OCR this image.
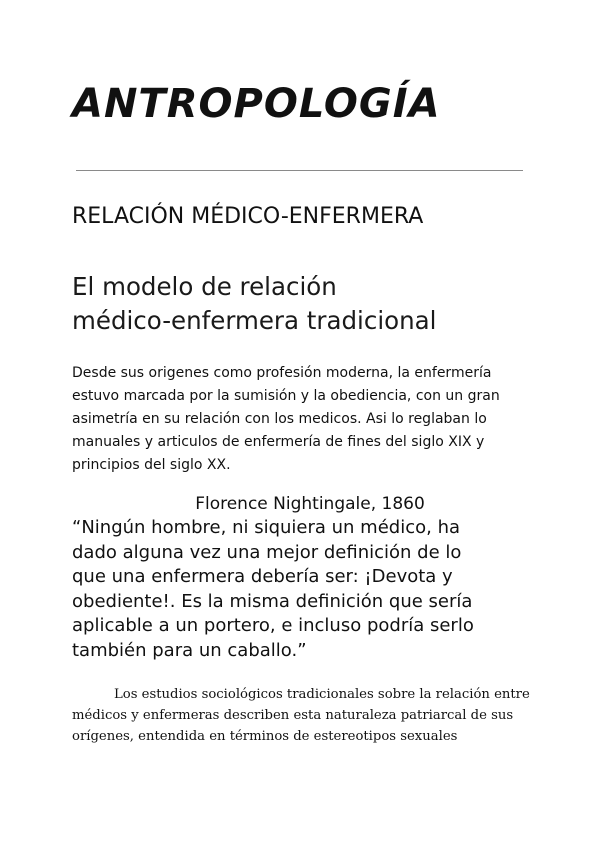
ANTROPOLOGÍA
RELACIÓN MÉDICO-ENFERMERA
El modelo de relación
médico-enfermera tradicional

Desde sus origenes como profesión moderna, la enfermería
estuvo marcada por la sumisión y la obediencia, con un gran
asimetría en su relación con los medicos. Asi lo reglaban lo
manuales y articulos de enfermería de fines del siglo XIX y
principios del siglo XX.

Florence Nightingale, 1860

“Ningún hombre, ni siquiera un médico, ha
dado alguna vez una mejor definición de lo
que una enfermera debería ser: ¡Devota y
obediente!. Es la misma definición que sería
aplicable a un portero, e incluso podría serlo
también para un caballo.”

Los estudios sociológicos tradicionales sobre la relación entre
médicos y enfermeras describen esta naturaleza patriarcal de sus
orígenes, entendida en términos de estereotipos sexuales
